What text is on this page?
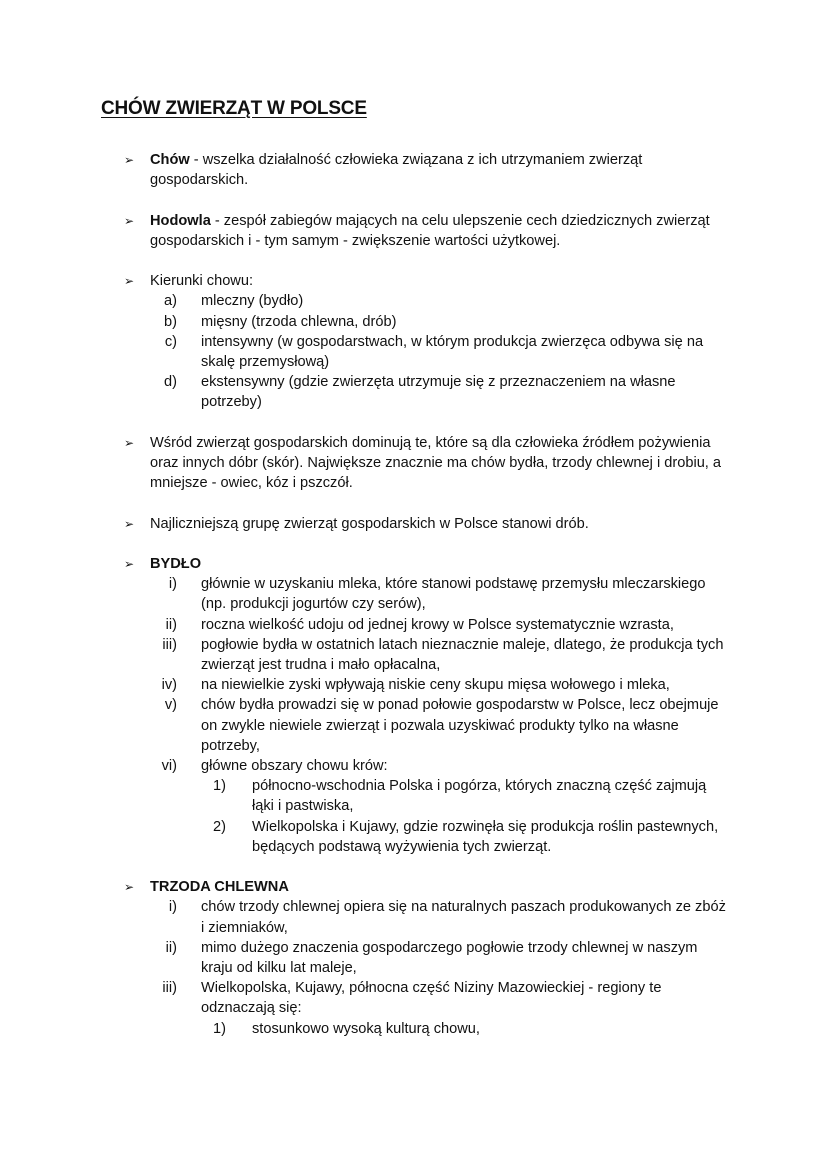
CHÓW ZWIERZĄT W POLSCE
➢ Chów - wszelka działalność człowieka związana z ich utrzymaniem zwierząt gospodarskich.
➢ Hodowla - zespół zabiegów mających na celu ulepszenie cech dziedzicznych zwierząt gospodarskich i - tym samym - zwiększenie wartości użytkowej.
➢ Kierunki chowu:
a) mleczny (bydło)
b) mięsny (trzoda chlewna, drób)
c) intensywny (w gospodarstwach, w którym produkcja zwierzęca odbywa się na skalę przemysłową)
d) ekstensywny (gdzie zwierzęta utrzymuje się z przeznaczeniem na własne potrzeby)
➢ Wśród zwierząt gospodarskich dominują te, które są dla człowieka źródłem pożywienia oraz innych dóbr (skór). Największe znacznie ma chów bydła, trzody chlewnej i drobiu, a mniejsze - owiec, kóz i pszczół.
➢ Najliczniejszą grupę zwierząt gospodarskich w Polsce stanowi drób.
➢ BYDŁO
i) głównie w uzyskaniu mleka, które stanowi podstawę przemysłu mleczarskiego (np. produkcji jogurtów czy serów),
ii) roczna wielkość udoju od jednej krowy w Polsce systematycznie wzrasta,
iii) pogłowie bydła w ostatnich latach nieznacznie maleje, dlatego, że produkcja tych zwierząt jest trudna i mało opłacalna,
iv) na niewielkie zyski wpływają niskie ceny skupu mięsa wołowego i mleka,
v) chów bydła prowadzi się w ponad połowie gospodarstw w Polsce, lecz obejmuje on zwykle niewiele zwierząt i pozwala uzyskiwać produkty tylko na własne potrzeby,
vi) główne obszary chowu krów:
1) północno-wschodnia Polska i pogórza, których znaczną część zajmują łąki i pastwiska,
2) Wielkopolska i Kujawy, gdzie rozwinęła się produkcja roślin pastewnych, będących podstawą wyżywienia tych zwierząt.
➢ TRZODA CHLEWNA
i) chów trzody chlewnej opiera się na naturalnych paszach produkowanych ze zbóż i ziemniaków,
ii) mimo dużego znaczenia gospodarczego pogłowie trzody chlewnej w naszym kraju od kilku lat maleje,
iii) Wielkopolska, Kujawy, północna część Niziny Mazowieckiej - regiony te odznaczają się:
1) stosunkowo wysoką kulturą chowu,
